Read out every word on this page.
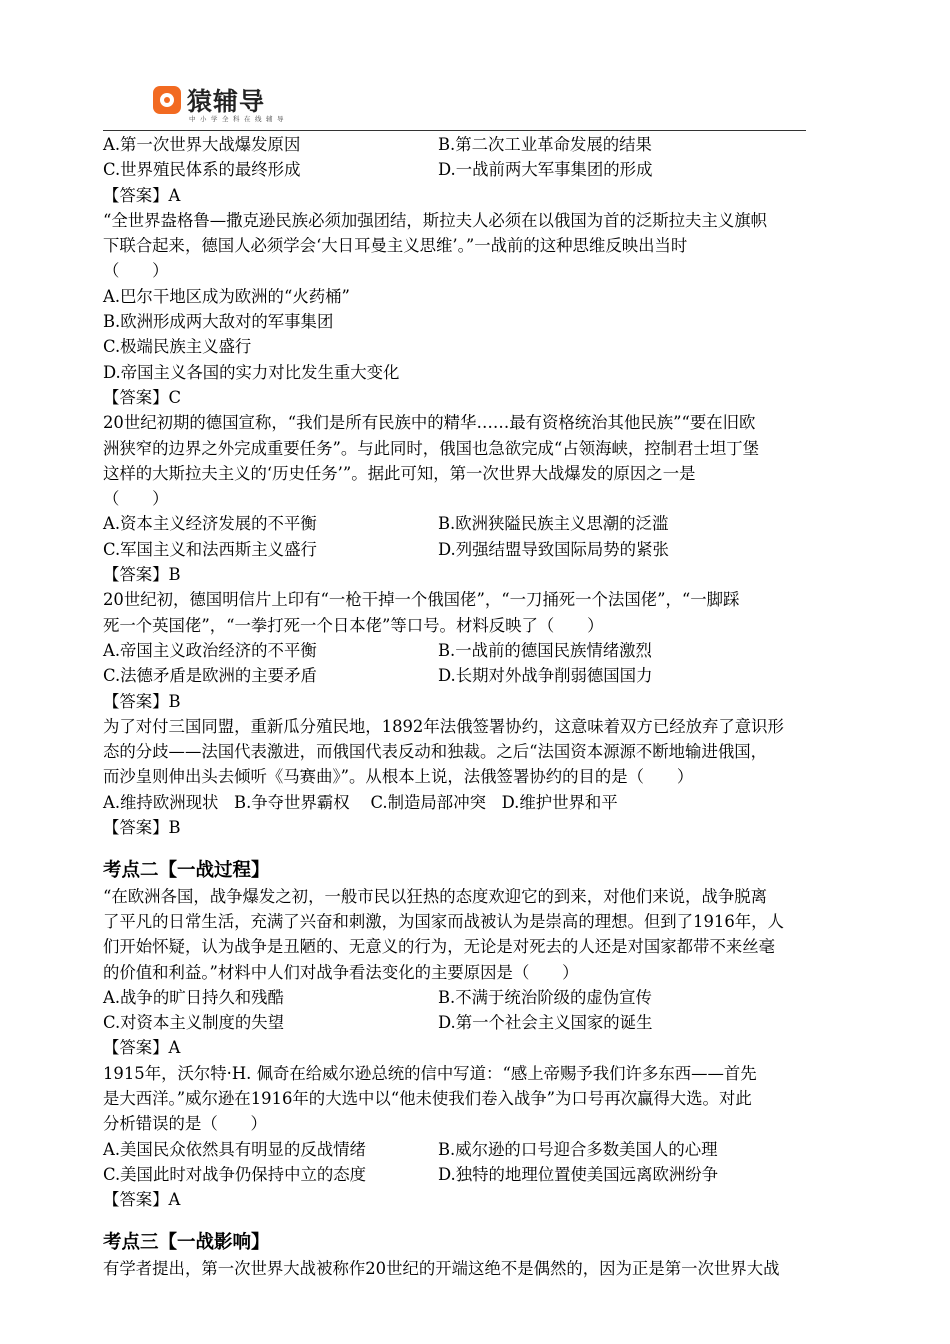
猿辅导
中小学全科在线辅导
A.第一次世界大战爆发原因	B.第二次工业革命发展的结果
C.世界殖民体系的最终形成	D.一战前两大军事集团的形成
【答案】A
“全世界盎格鲁—撒克逊民族必须加强团结，斯拉夫人必须在以俄国为首的泛斯拉夫主义旗帜
下联合起来，德国人必须学会‘大日耳曼主义思维’。”一战前的这种思维反映出当时
（　　）
A.巴尔干地区成为欧洲的“火药桶”
B.欧洲形成两大敌对的军事集团
C.极端民族主义盛行
D.帝国主义各国的实力对比发生重大变化
【答案】C
20世纪初期的德国宣称，“我们是所有民族中的精华……最有资格统治其他民族”“要在旧欧
洲狭窄的边界之外完成重要任务”。与此同时，俄国也急欲完成“占领海峡，控制君士坦丁堡
这样的大斯拉夫主义的‘历史任务’”。据此可知，第一次世界大战爆发的原因之一是
（　　）
A.资本主义经济发展的不平衡	B.欧洲狭隘民族主义思潮的泛滥
C.军国主义和法西斯主义盛行	D.列强结盟导致国际局势的紧张
【答案】B
20世纪初，德国明信片上印有“一枪干掉一个俄国佬”，“一刀捅死一个法国佬”，“一脚踩
死一个英国佬”，“一拳打死一个日本佬”等口号。材料反映了（　　）
A.帝国主义政治经济的不平衡	B.一战前的德国民族情绪激烈
C.法德矛盾是欧洲的主要矛盾	D.长期对外战争削弱德国国力
【答案】B
为了对付三国同盟，重新瓜分殖民地，1892年法俄签署协约，这意味着双方已经放弃了意识形
态的分歧——法国代表激进，而俄国代表反动和独裁。之后“法国资本源源不断地输进俄国，
而沙皇则伸出头去倾听《马赛曲》”。从根本上说，法俄签署协约的目的是（　　）
A.维持欧洲现状   B.争夺世界霸权    C.制造局部冲突   D.维护世界和平
【答案】B
考点二【一战过程】
“在欧洲各国，战争爆发之初，一般市民以狂热的态度欢迎它的到来，对他们来说，战争脱离
了平凡的日常生活，充满了兴奋和刺激，为国家而战被认为是崇高的理想。但到了1916年，人
们开始怀疑，认为战争是丑陋的、无意义的行为，无论是对死去的人还是对国家都带不来丝毫
的价值和利益。”材料中人们对战争看法变化的主要原因是（　　）
A.战争的旷日持久和残酷	B.不满于统治阶级的虚伪宣传
C.对资本主义制度的失望	D.第一个社会主义国家的诞生
【答案】A
1915年，沃尔特·H. 佩奇在给威尔逊总统的信中写道：“感上帝赐予我们许多东西——首先
是大西洋。”威尔逊在1916年的大选中以“他未使我们卷入战争”为口号再次赢得大选。对此
分析错误的是（　　）
A.美国民众依然具有明显的反战情绪	B.威尔逊的口号迎合多数美国人的心理
C.美国此时对战争仍保持中立的态度	D.独特的地理位置使美国远离欧洲纷争
【答案】A
考点三【一战影响】
有学者提出，第一次世界大战被称作20世纪的开端这绝不是偶然的，因为正是第一次世界大战
